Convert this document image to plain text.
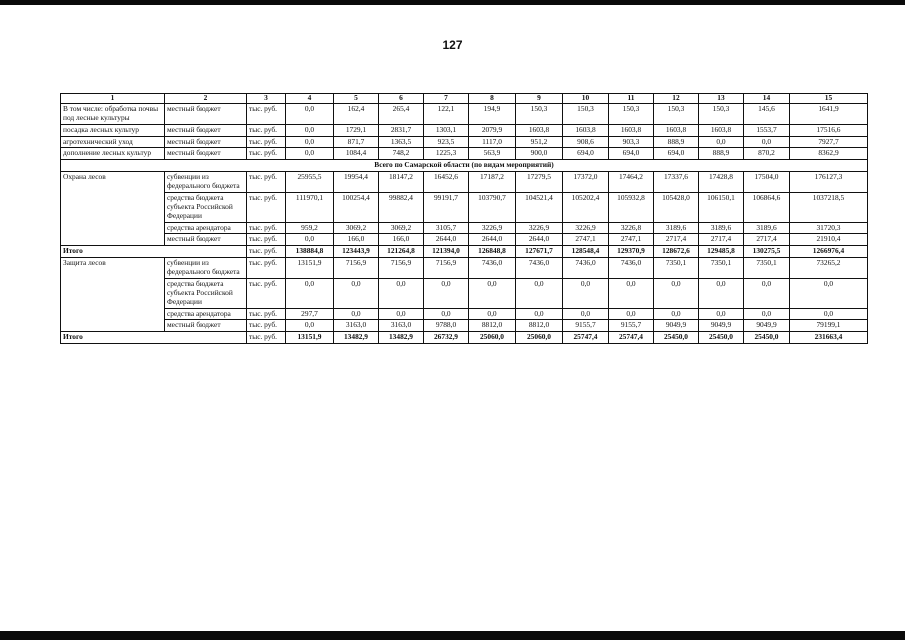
127
1	2	3	4	5	6	7	8	9	10	11	12	13	14	15
В том числе: обработка почвы под лесные культуры	местный бюджет	тыс. руб.	0,0	162,4	265,4	122,1	194,9	150,3	150,3	150,3	150,3	150,3	145,6	1641,9
посадка лесных культур	местный бюджет	тыс. руб.	0,0	1729,1	2831,7	1303,1	2079,9	1603,8	1603,8	1603,8	1603,8	1603,8	1553,7	17516,6
агротехнический уход	местный бюджет	тыс. руб.	0,0	871,7	1363,5	923,5	1117,0	951,2	908,6	903,3	888,9	0,0	0,0	7927,7
дополнение лесных культур	местный бюджет	тыс. руб.	0,0	1084,4	748,2	1225,3	563,9	900,0	694,0	694,0	694,0	888,9	870,2	8362,9
Всего по Самарской области (по видам мероприятий)														
Охрана лесов	субвенции из федерального бюджета	тыс. руб.	25955,5	19954,4	18147,2	16452,6	17187,2	17279,5	17372,0	17464,2	17337,6	17428,8	17504,0	176127,3
	средства бюджета субъекта Российской Федерации	тыс. руб.	111970,1	100254,4	99882,4	99191,7	103790,7	104521,4	105202,4	105932,8	105428,0	106150,1	106864,6	1037218,5
	средства арендатора	тыс. руб.	959,2	3069,2	3069,2	3105,7	3226,9	3226,9	3226,9	3226,8	3189,6	3189,6	3189,6	31720,3
	местный бюджет	тыс. руб.	0,0	166,0	166,0	2644,0	2644,0	2644,0	2747,1	2747,1	2717,4	2717,4	2717,4	21910,4
Итого		тыс. руб.	138884,8	123443,9	121264,8	121394,0	126848,8	127671,7	128548,4	129370,9	128672,6	129485,8	130275,5	1266976,4
Защита лесов	субвенции из федерального бюджета	тыс. руб.	13151,9	7156,9	7156,9	7156,9	7436,0	7436,0	7436,0	7436,0	7350,1	7350,1	7350,1	73265,2
	средства бюджета субъекта Российской Федерации	тыс. руб.	0,0	0,0	0,0	0,0	0,0	0,0	0,0	0,0	0,0	0,0	0,0	0,0
	средства арендатора	тыс. руб.	297,7	0,0	0,0	0,0	0,0	0,0	0,0	0,0	0,0	0,0	0,0	0,0
	местный бюджет	тыс. руб.	0,0	3163,0	3163,0	9788,0	8812,0	8812,0	9155,7	9155,7	9049,9	9049,9	9049,9	79199,1
Итого		тыс. руб.	13151,9	13482,9	13482,9	26732,9	25060,0	25060,0	25747,4	25747,4	25450,0	25450,0	25450,0	231663,4
